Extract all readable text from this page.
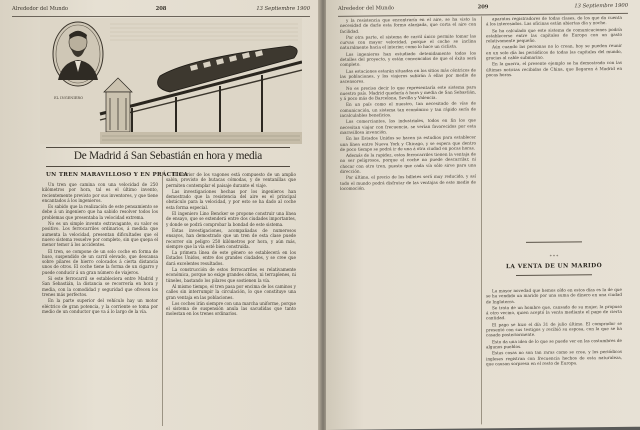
Alrededor del Mundo	208	13 Septiembre 1900
EL INGENIERO
De Madrid á San Sebastián en hora y media
UN TREN MARAVILLOSO Y EN PRÁCTICA

Un tren que camina con una velocidad de 250 kilómetros por hora, tal es el último invento, recientemente previsto por sus inventores, y que tiene encantados á los ingenieros.

Es sabido que la realización de este pensamiento se debe á un ingeniero que ha sabido resolver todos los problemas que presentaba la velocidad extrema.

No es un simple invento extravagante, su valor es positivo. Los ferrocarriles ordinarios, á medida que aumenta la velocidad, presentan dificultades que el nuevo sistema resuelve por completo, sin que quepa el menor temor á los accidentes.

El tren, se compone de un solo coche en forma de huso, suspendido de un carril elevado, que descansa sobre pilares de hierro colocados á cierta distancia unos de otros. El coche tiene la forma de un cigarro y puede conducir á un gran número de viajeros.

Si este ferrocarril se estableciera entre Madrid y San Sebastián, la distancia se recorrería en hora y media, con la comodidad y seguridad que ofrecen los trenes más perfectos.

En la parte superior del vehículo hay un motor eléctrico de gran potencia, y la corriente se toma por medio de un conductor que va á lo largo de la vía.

El interior de los vagones está compuesto de un amplio salón, provisto de butacas cómodas, y de ventanillas que permiten contemplar el paisaje durante el viaje.

Las investigaciones hechas por los ingenieros han demostrado que la resistencia del aire es el principal obstáculo para la velocidad, y por esto se ha dado al coche esta forma especial.

El ingeniero Lino Bencker se propone construir una línea de ensayo, que se extenderá entre dos ciudades importantes, y donde se podrá comprobar la bondad de este sistema.

Estas investigaciones, acompañadas de numerosos ensayos, han demostrado que un tren de esta clase puede recorrer sin peligro 250 kilómetros por hora, y aún más, siempre que la vía esté bien construída.

La primera línea de este género se establecerá en los Estados Unidos, entre dos grandes ciudades, y se cree que dará excelentes resultados.

La construcción de estos ferrocarriles es relativamente económica, porque no exige grandes obras, ni terraplenes, ni túneles, bastando los pilares que sostienen la vía.

Al mismo tiempo, el tren pasa por encima de los caminos y calles sin interrumpir la circulación, lo que constituye una gran ventaja en las poblaciones.

Los coches irán siempre con una marcha uniforme, porque el sistema de suspensión anula las sacudidas que tanto molestan en los trenes ordinarios.

Alrededor del Mundo	209	13 Septiembre 1900

y la resistencia que encontraría en el aire, se ha visto la necesidad de darle esta forma alargada, que corta el aire con facilidad.

Por otra parte, el sistema de carril único permite tomar las curvas con mayor velocidad, porque el coche se inclina naturalmente hacia el interior, como lo hace un ciclista.

Los ingenieros han estudiado detenidamente todos los detalles del proyecto, y están convencidos de que el éxito será completo.

Las estaciones estarán situadas en los sitios más céntricos de las poblaciones, y los viajeros subirán á ellas por medio de ascensores.

No es preciso decir lo que representaría este sistema para nuestro país. Madrid quedaría á hora y media de San Sebastián, y á poco más de Barcelona, Sevilla y Valencia.

En un país como el nuestro, tan necesitado de vías de comunicación, un sistema tan económico y tan rápido sería de incalculables beneficios.

Los comerciantes, los industriales, todos en fin los que necesitan viajar con frecuencia, se verían favorecidos por esta maravillosa invención.

En los Estados Unidos se hacen ya estudios para establecer una línea entre Nueva York y Chicago, y se espera que dentro de poco tiempo se podrá ir de una á otra ciudad en pocas horas.

Además de la rapidez, estos ferrocarriles tienen la ventaja de no ser peligrosos, porque el coche no puede descarrilar, ni chocar con otro tren, puesto que cada vía sólo sirve para una dirección.

Por último, el precio de los billetes será muy reducido, y así todo el mundo podrá disfrutar de las ventajas de este medio de locomoción.

aparatos registradores de todas clases, de los que da cuenta á los interesados. Las oficinas están abiertas día y noche.

Se ha calculado que este sistema de comunicaciones podría establecerse entre las capitales de Europa con un gasto relativamente pequeño.

Aún cuando las personas no lo crean, hoy se pueden reunir en un solo día los periódicos de todas las capitales del mundo, gracias al cable submarino.

En la guerra, el presente ejemplo se ha demostrado con las últimas noticias recibidas de China, que llegaron á Madrid en pocas horas.

* * *
LA VENTA DE UN MARIDO

La mayor novedad que hemos oído en estos días es la de que se ha vendido un marido por una suma de dinero en una ciudad de Inglaterra.

Se trata de un hombre que, cansado de su mujer, la propuso á otro vecino, quien aceptó la venta mediante el pago de cierta cantidad.

El pago se hizo el día 31 de julio último. El comprador se presentó con sus testigos y recibió su esposa, con la que se ha casado posteriormente.

Esto da una idea de lo que se puede ver en las costumbres de algunos pueblos.

Estas cosas no son tan raras como se cree, y los periódicos ingleses registran con frecuencia hechos de esta naturaleza, que causan sorpresa en el resto de Europa.
